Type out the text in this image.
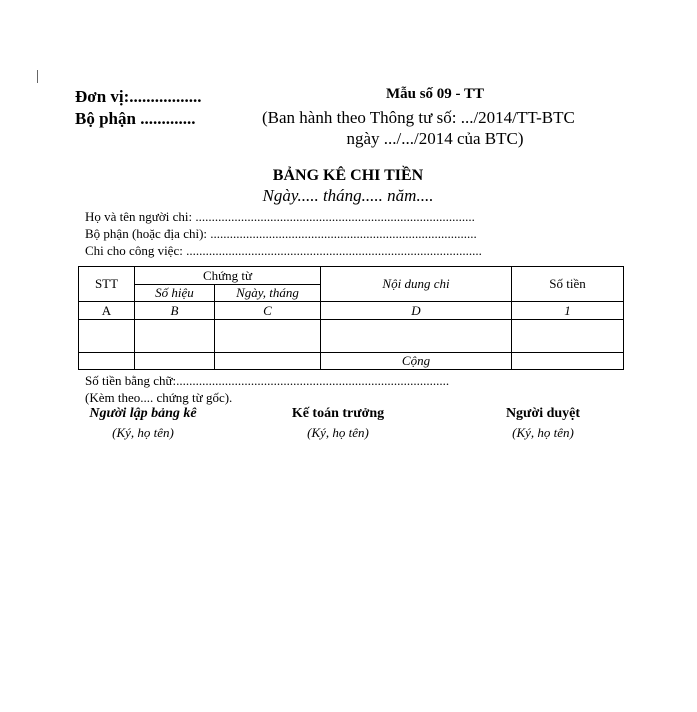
Đơn vị:.................
Bộ phận .............
Mẫu số 09 - TT
(Ban hành theo Thông tư số: .../2014/TT-BTC
ngày .../.../2014 của BTC)
BẢNG KÊ CHI TIỀN
Ngày..... tháng..... năm....
Họ và tên người chi: ......................................................................................
Bộ phận (hoặc địa chỉ): ..................................................................................
Chi cho công việc: ...........................................................................................
STT	Chứng từ		Nội dung chi	Số tiền
	Số hiệu	Ngày, tháng		
A	B	C	D	1

			Cộng	
Số tiền bằng chữ:....................................................................................
(Kèm theo.... chứng từ gốc).
Người lập bảng kê
(Ký, họ tên)
Kế toán trưởng
(Ký, họ tên)
Người duyệt
(Ký, họ tên)
